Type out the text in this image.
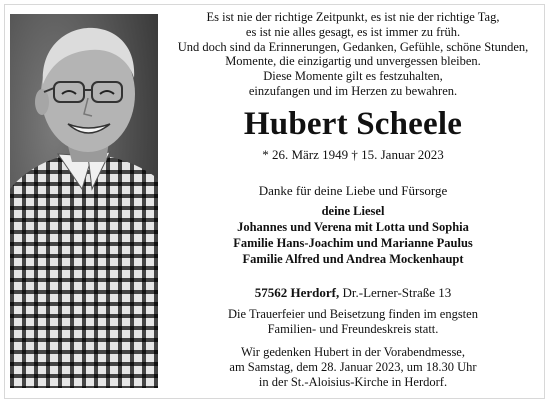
Es ist nie der richtige Zeitpunkt, es ist nie der richtige Tag,
es ist nie alles gesagt, es ist immer zu früh.
Und doch sind da Erinnerungen, Gedanken, Gefühle, schöne Stunden,
Momente, die einzigartig und unvergessen bleiben.
Diese Momente gilt es festzuhalten,
einzufangen und im Herzen zu bewahren.
Hubert Scheele
* 26. März 1949 † 15. Januar 2023
Danke für deine Liebe und Fürsorge
deine Liesel
Johannes und Verena mit Lotta und Sophia
Familie Hans-Joachim und Marianne Paulus
Familie Alfred und Andrea Mockenhaupt
57562 Herdorf, Dr.-Lerner-Straße 13
Die Trauerfeier und Beisetzung finden im engsten
Familien- und Freundeskreis statt.
Wir gedenken Hubert in der Vorabendmesse,
am Samstag, dem 28. Januar 2023, um 18.30 Uhr
in der St.-Aloisius-Kirche in Herdorf.
